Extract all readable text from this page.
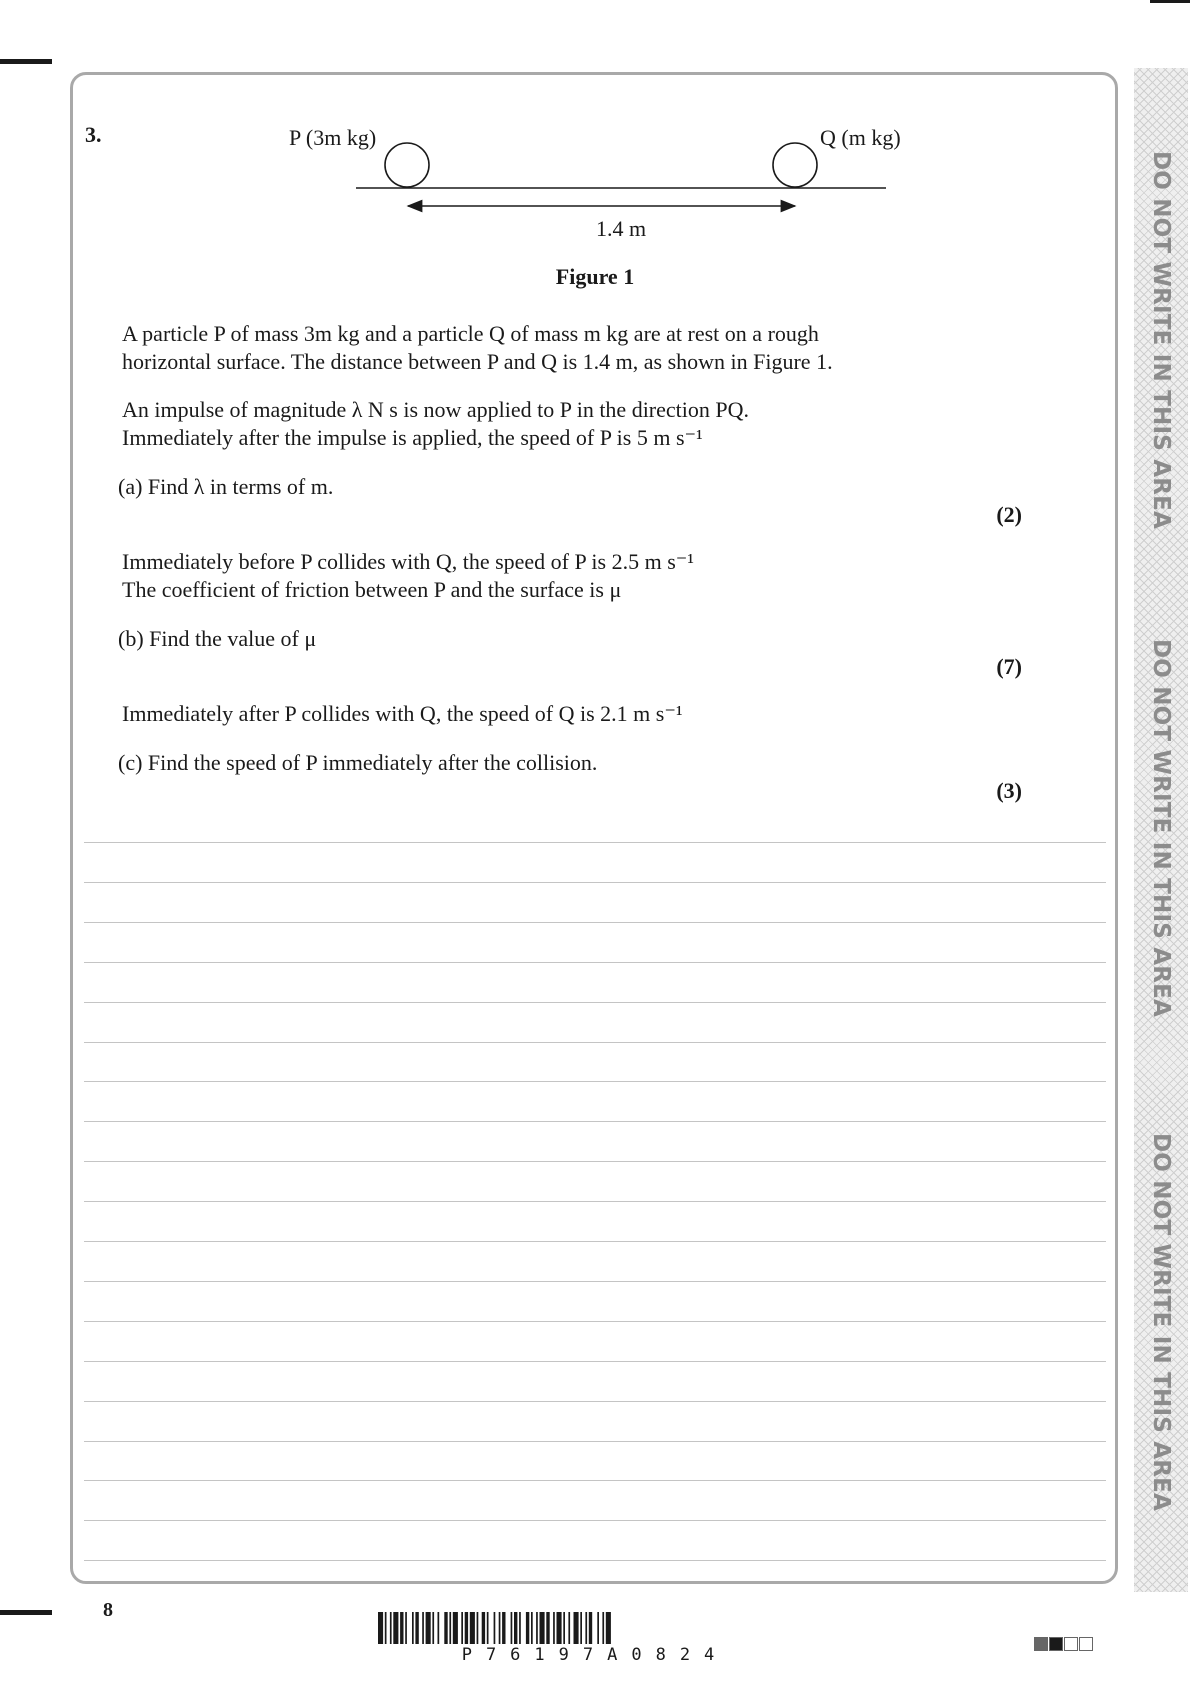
DO NOT WRITE IN THIS AREA
DO NOT WRITE IN THIS AREA
DO NOT WRITE IN THIS AREA
3.	P (3m kg)	Q (m kg)
1.4 m
Figure 1
A particle P of mass 3m kg and a particle Q of mass m kg are at rest on a rough
horizontal surface. The distance between P and Q is 1.4 m, as shown in Figure 1.
An impulse of magnitude λ N s is now applied to P in the direction PQ.
Immediately after the impulse is applied, the speed of P is 5 m s⁻¹
(a) Find λ in terms of m.
(2)
Immediately before P collides with Q, the speed of P is 2.5 m s⁻¹
The coefficient of friction between P and the surface is μ
(b) Find the value of μ
(7)
Immediately after P collides with Q, the speed of Q is 2.1 m s⁻¹
(c) Find the speed of P immediately after the collision.
(3)
8
P76197A0824
